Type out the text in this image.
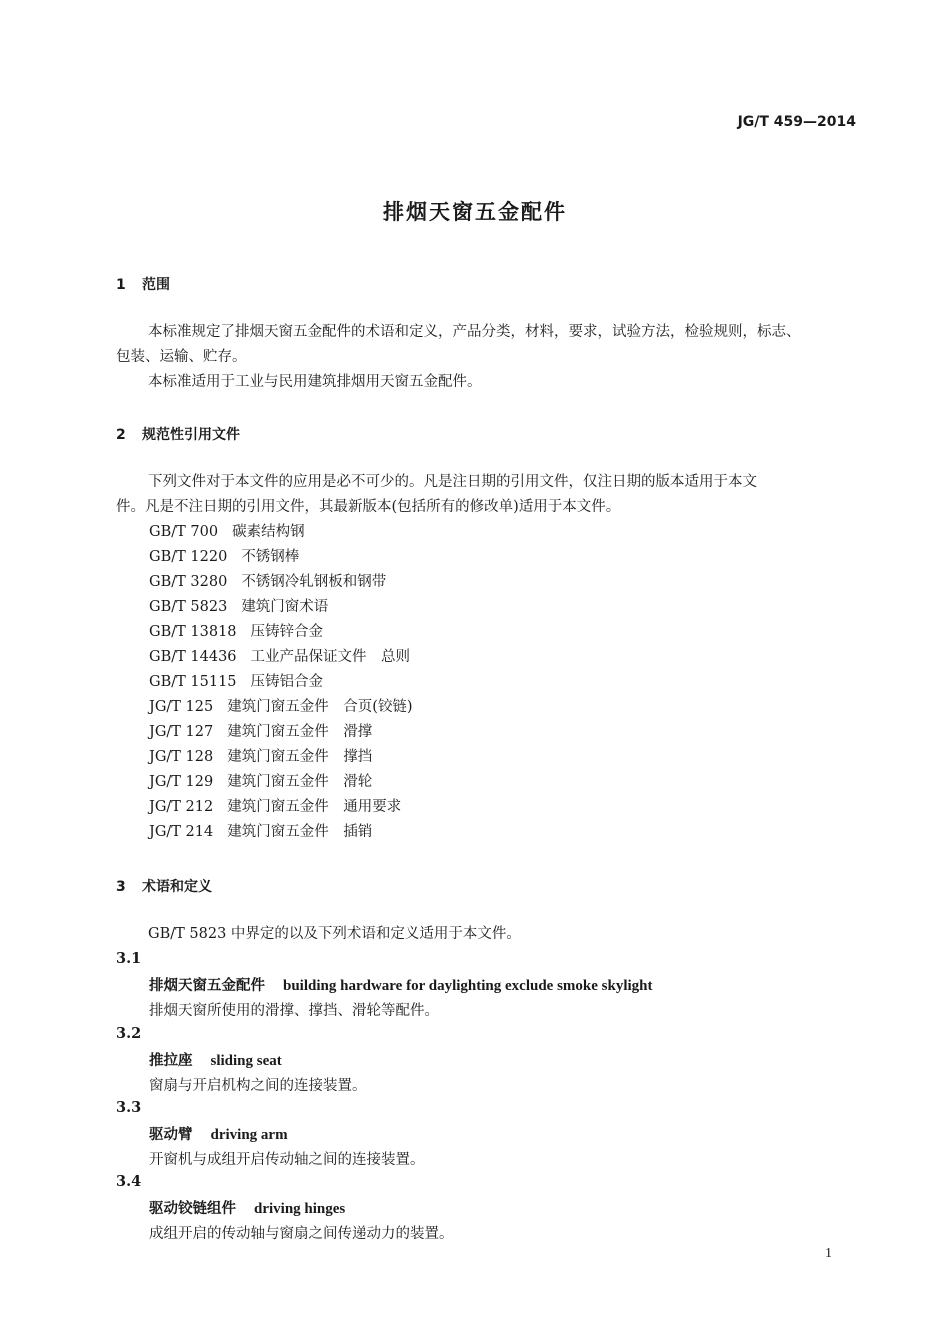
JG/T 459—2014
排烟天窗五金配件
1 范围

本标准规定了排烟天窗五金配件的术语和定义，产品分类，材料，要求，试验方法，检验规则，标志、

包装、运输、贮存。

本标准适用于工业与民用建筑排烟用天窗五金配件。

2 规范性引用文件

下列文件对于本文件的应用是必不可少的。凡是注日期的引用文件，仅注日期的版本适用于本文

件。凡是不注日期的引用文件，其最新版本(包括所有的修改单)适用于本文件。

GB/T 700 碳素结构钢
GB/T 1220 不锈钢棒
GB/T 3280 不锈钢冷轧钢板和钢带
GB/T 5823 建筑门窗术语
GB/T 13818 压铸锌合金
GB/T 14436 工业产品保证文件　总则
GB/T 15115 压铸铝合金
JG/T 125 建筑门窗五金件　合页(铰链)
JG/T 127 建筑门窗五金件　滑撑
JG/T 128 建筑门窗五金件　撑挡
JG/T 129 建筑门窗五金件　滑轮
JG/T 212 建筑门窗五金件　通用要求
JG/T 214 建筑门窗五金件　插销
3 术语和定义

GB/T 5823 中界定的以及下列术语和定义适用于本文件。

3.1
排烟天窗五金配件 building hardware for daylighting exclude smoke skylight
排烟天窗所使用的滑撑、撑挡、滑轮等配件。
3.2
推拉座 sliding seat
窗扇与开启机构之间的连接装置。
3.3
驱动臂 driving arm
开窗机与成组开启传动轴之间的连接装置。
3.4
驱动铰链组件 driving hinges
成组开启的传动轴与窗扇之间传递动力的装置。
1
